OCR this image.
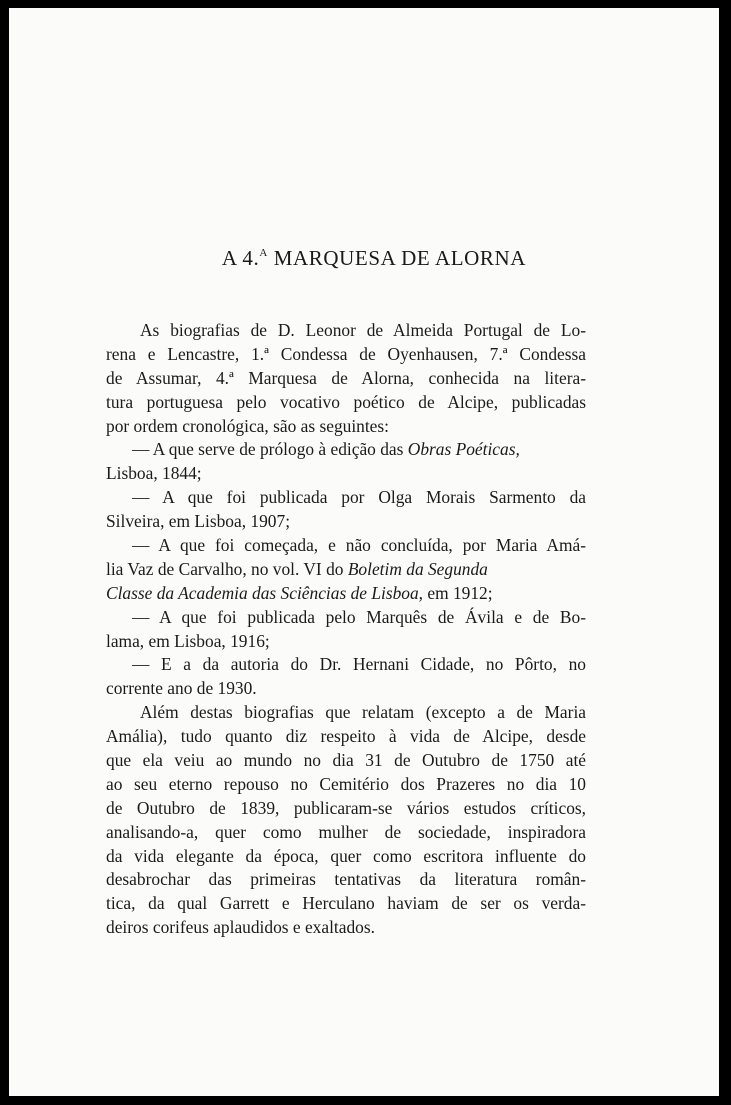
A 4.$^A$ MARQUESA DE ALORNA
As biografias de D. Leonor de Almeida Portugal de Lo-
rena e Lencastre, 1.ª Condessa de Oyenhausen, 7.ª Condessa
de Assumar, 4.ª Marquesa de Alorna, conhecida na litera-
tura portuguesa pelo vocativo poético de Alcipe, publicadas
por ordem cronológica, são as seguintes:
— A que serve de prólogo à edição das Obras Poéticas,
Lisboa, 1844;
— A que foi publicada por Olga Morais Sarmento da
Silveira, em Lisboa, 1907;
— A que foi começada, e não concluída, por Maria Amá-
lia Vaz de Carvalho, no vol. VI do Boletim da Segunda
Classe da Academia das Sciências de Lisboa, em 1912;
— A que foi publicada pelo Marquês de Ávila e de Bo-
lama, em Lisboa, 1916;
— E a da autoria do Dr. Hernani Cidade, no Pôrto, no
corrente ano de 1930.
Além destas biografias que relatam (excepto a de Maria
Amália), tudo quanto diz respeito à vida de Alcipe, desde
que ela veiu ao mundo no dia 31 de Outubro de 1750 até
ao seu eterno repouso no Cemitério dos Prazeres no dia 10
de Outubro de 1839, publicaram-se vários estudos críticos,
analisando-a, quer como mulher de sociedade, inspiradora
da vida elegante da época, quer como escritora influente do
desabrochar das primeiras tentativas da literatura român-
tica, da qual Garrett e Herculano haviam de ser os verda-
deiros corifeus aplaudidos e exaltados.
